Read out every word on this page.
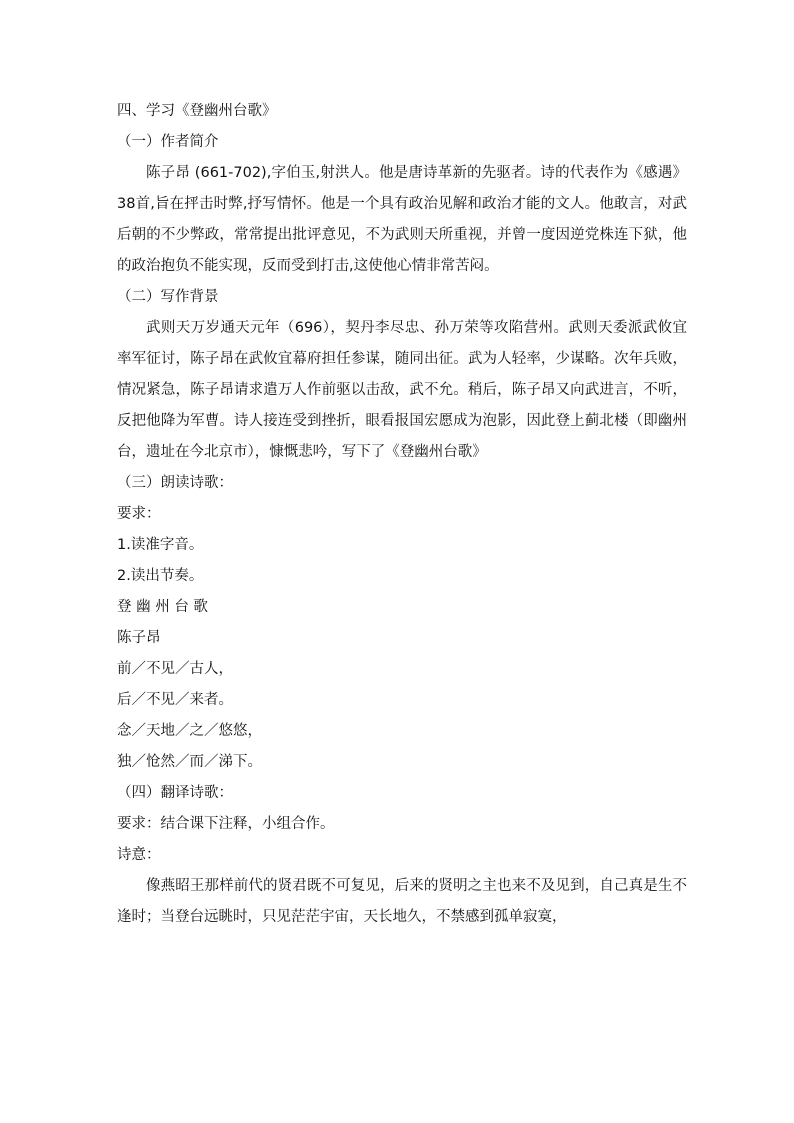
四、学习《登幽州台歌》
（一）作者简介
陈子昂 (661-702),字伯玉,射洪人。他是唐诗革新的先驱者。诗的代表作为《感遇》38首,旨在抨击时弊,抒写情怀。他是一个具有政治见解和政治才能的文人。他敢言，对武后朝的不少弊政，常常提出批评意见，不为武则天所重视，并曾一度因逆党株连下狱，他的政治抱负不能实现，反而受到打击,这使他心情非常苦闷。
（二）写作背景
武则天万岁通天元年（696），契丹李尽忠、孙万荣等攻陷营州。武则天委派武攸宜率军征讨，陈子昂在武攸宜幕府担任参谋，随同出征。武为人轻率，少谋略。次年兵败，情况紧急，陈子昂请求遣万人作前驱以击敌，武不允。稍后，陈子昂又向武进言，不听，反把他降为军曹。诗人接连受到挫折，眼看报国宏愿成为泡影，因此登上蓟北楼（即幽州台，遗址在今北京市），慷慨悲吟，写下了《登幽州台歌》
（三）朗读诗歌：
要求：
1.读准字音。
2.读出节奏。
登 幽 州 台 歌
陈子昂
前／不见／古人，
后／不见／来者。
念／天地／之／悠悠，
独／怆然／而／涕下。
（四）翻译诗歌：
要求：结合课下注释，小组合作。
诗意：
像燕昭王那样前代的贤君既不可复见，后来的贤明之主也来不及见到，自己真是生不逢时；当登台远眺时，只见茫茫宇宙，天长地久，不禁感到孤单寂寞，
